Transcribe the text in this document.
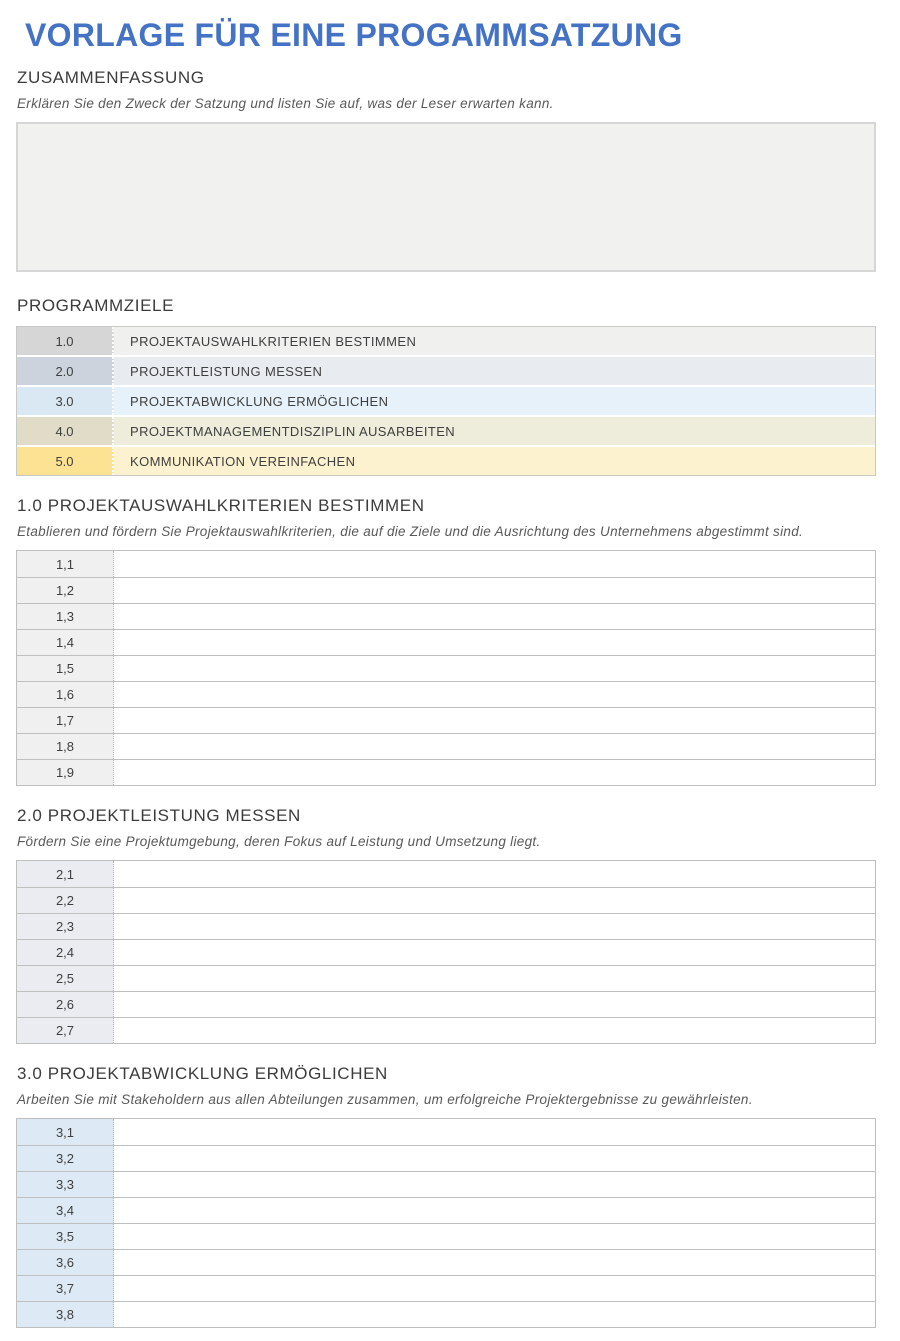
VORLAGE FÜR EINE PROGAMMSATZUNG
ZUSAMMENFASSUNG

Erklären Sie den Zweck der Satzung und listen Sie auf, was der Leser erwarten kann.

PROGRAMMZIELE
1.0	PROJEKTAUSWAHLKRITERIEN BESTIMMEN
2.0	PROJEKTLEISTUNG MESSEN
3.0	PROJEKTABWICKLUNG ERMÖGLICHEN
4.0	PROJEKTMANAGEMENTDISZIPLIN AUSARBEITEN
5.0	KOMMUNIKATION VEREINFACHEN
1.0 PROJEKTAUSWAHLKRITERIEN BESTIMMEN

Etablieren und fördern Sie Projektauswahlkriterien, die auf die Ziele und die Ausrichtung des Unternehmens abgestimmt sind.

1,1
1,2
1,3
1,4
1,5
1,6
1,7
1,8
1,9
2.0 PROJEKTLEISTUNG MESSEN

Fördern Sie eine Projektumgebung, deren Fokus auf Leistung und Umsetzung liegt.

2,1
2,2
2,3
2,4
2,5
2,6
2,7
3.0 PROJEKTABWICKLUNG ERMÖGLICHEN

Arbeiten Sie mit Stakeholdern aus allen Abteilungen zusammen, um erfolgreiche Projektergebnisse zu gewährleisten.

3,1
3,2
3,3
3,4
3,5
3,6
3,7
3,8
